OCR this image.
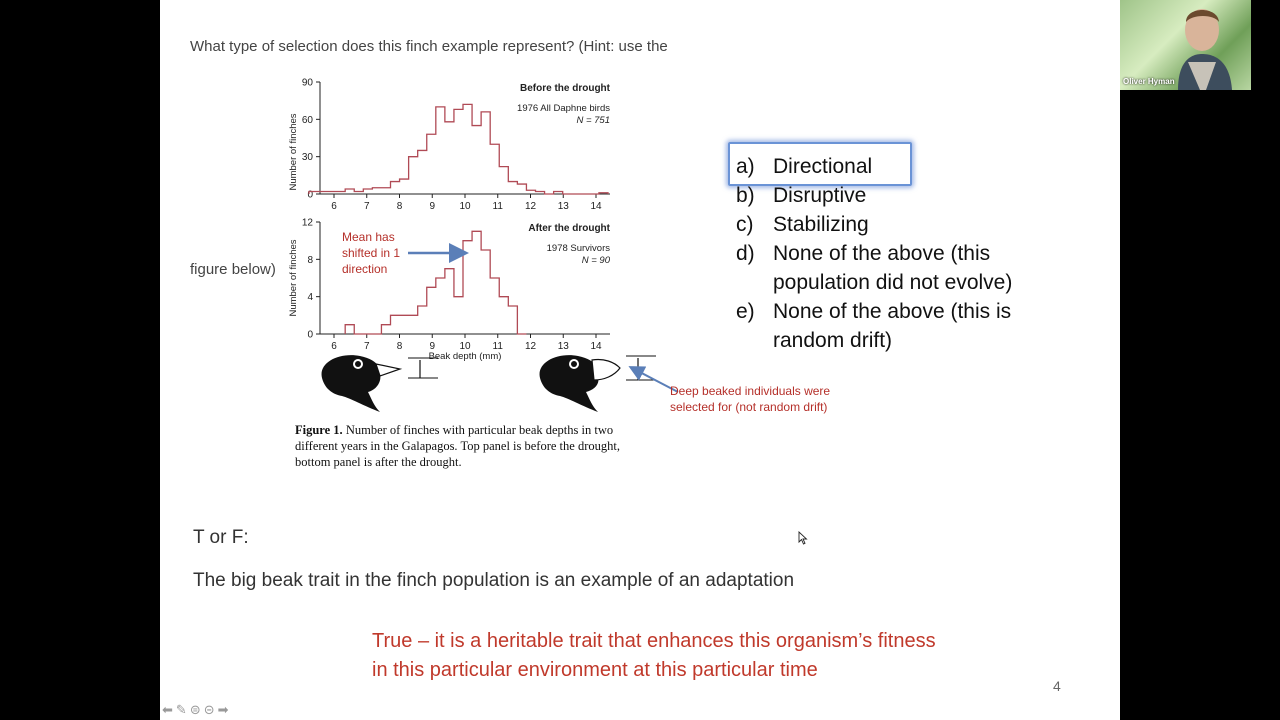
What type of selection does this finch example represent? (Hint: use the
figure below)
Number of finches
0
30
60
90
6	7	8	9 10 11 12 13 14
Before the drought
1976 All Daphne birds
N = 751
Number of finches
0
4
8
12
6	7	8	9 10 11 12 13 14
After the drought
1978 Survivors
N = 90
Beak depth (mm)
Mean has
shifted in 1
direction
Deep beaked individuals were
selected for (not random drift)
Figure 1. Number of finches with particular beak depths in two different years in the Galapagos. Top panel is before the drought, bottom panel is after the drought.
a) Directional
b) Disruptive
c) Stabilizing
d) None of the above (this population did not evolve)
e) None of the above (this is random drift)
T or F:
The big beak trait in the finch population is an example of an adaptation
True – it is a heritable trait that enhances this organism’s fitness
in this particular environment at this particular time
4
⬅ ✎ ⊜ ⊝ ➡
Oliver Hyman
